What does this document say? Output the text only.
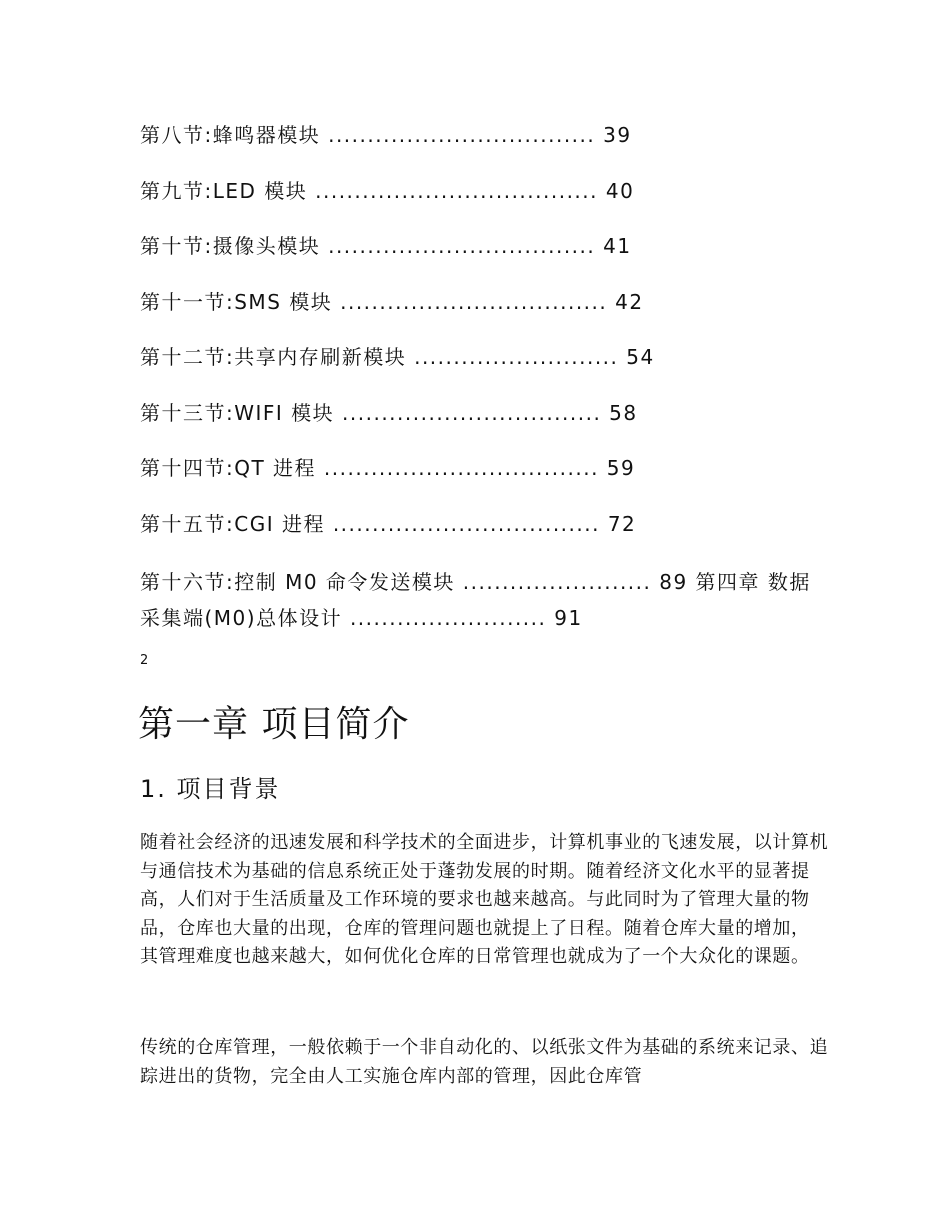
第八节:蜂鸣器模块 .................................. 39
第九节:LED 模块 .................................... 40
第十节:摄像头模块 .................................. 41
第十一节:SMS 模块 .................................. 42
第十二节:共享内存刷新模块 .......................... 54
第十三节:WIFI 模块 ................................. 58
第十四节:QT 进程 ................................... 59
第十五节:CGI 进程 .................................. 72
第十六节:控制 M0 命令发送模块 ........................ 89 第四章 数据采集端(M0)总体设计 ......................... 91
2
第一章 项目简介
1. 项目背景

随着社会经济的迅速发展和科学技术的全面进步，计算机事业的飞速发展，以计算机与通信技术为基础的信息系统正处于蓬勃发展的时期。随着经济文化水平的显著提高，人们对于生活质量及工作环境的要求也越来越高。与此同时为了管理大量的物品，仓库也大量的出现，仓库的管理问题也就提上了日程。随着仓库大量的增加， 其管理难度也越来越大，如何优化仓库的日常管理也就成为了一个大众化的课题。

传统的仓库管理，一般依赖于一个非自动化的、以纸张文件为基础的系统来记录、追踪进出的货物，完全由人工实施仓库内部的管理，因此仓库管
